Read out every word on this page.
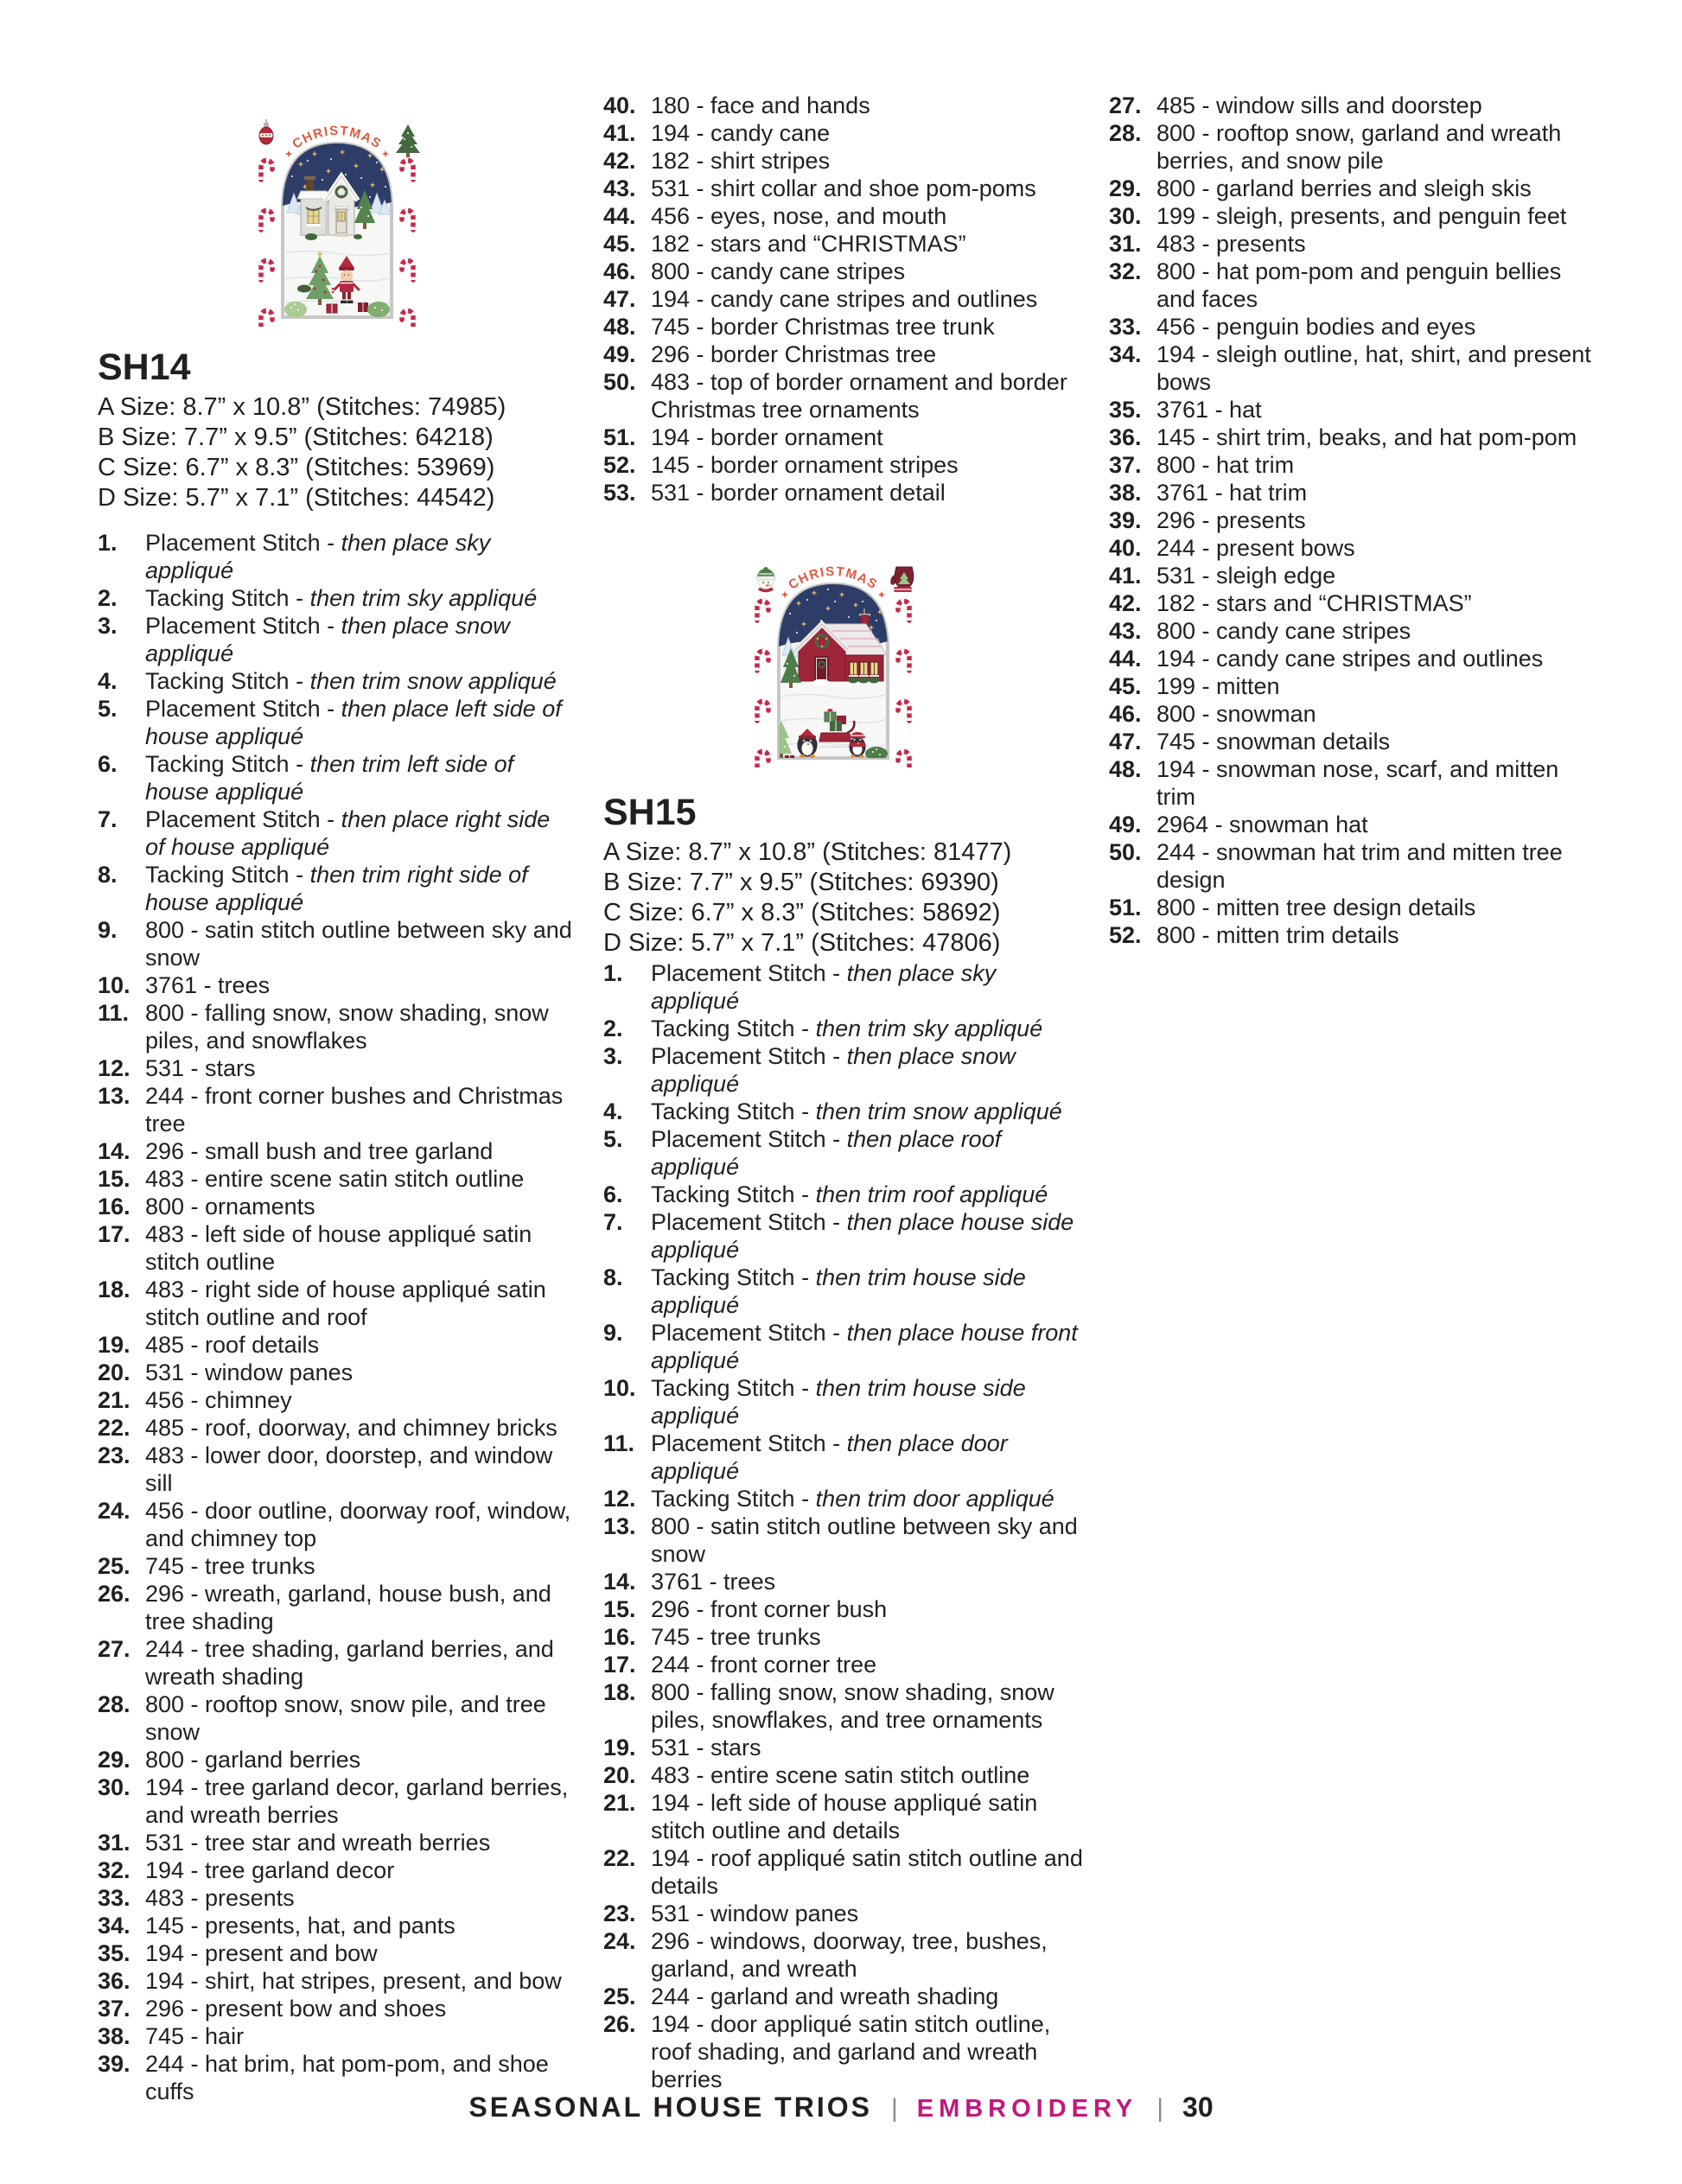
CHRISTMAS
SH14
A Size: 8.7” x 10.8” (Stitches: 74985)
B Size: 7.7” x 9.5” (Stitches: 64218)
C Size: 6.7” x 8.3” (Stitches: 53969)
D Size: 5.7” x 7.1” (Stitches: 44542)
1. Placement Stitch - then place sky appliqué
2. Tacking Stitch - then trim sky appliqué
3. Placement Stitch - then place snow appliqué
4. Tacking Stitch - then trim snow appliqué
5. Placement Stitch - then place left side of house appliqué
6. Tacking Stitch - then trim left side of house appliqué
7. Placement Stitch - then place right side of house appliqué
8. Tacking Stitch - then trim right side of house appliqué
9. 800 - satin stitch outline between sky and snow
10. 3761 - trees
11. 800 - falling snow, snow shading, snow piles, and snowflakes
12. 531 - stars
13. 244 - front corner bushes and Christmas tree
14. 296 - small bush and tree garland
15. 483 - entire scene satin stitch outline
16. 800 - ornaments
17. 483 - left side of house appliqué satin stitch outline
18. 483 - right side of house appliqué satin stitch outline and roof
19. 485 - roof details
20. 531 - window panes
21. 456 - chimney
22. 485 - roof, doorway, and chimney bricks
23. 483 - lower door, doorstep, and window sill
24. 456 - door outline, doorway roof, window, and chimney top
25. 745 - tree trunks
26. 296 - wreath, garland, house bush, and tree shading
27. 244 - tree shading, garland berries, and wreath shading
28. 800 - rooftop snow, snow pile, and tree snow
29. 800 - garland berries
30. 194 - tree garland decor, garland berries, and wreath berries
31. 531 - tree star and wreath berries
32. 194 - tree garland decor
33. 483 - presents
34. 145 - presents, hat, and pants
35. 194 - present and bow
36. 194 - shirt, hat stripes, present, and bow
37. 296 - present bow and shoes
38. 745 - hair
39. 244 - hat brim, hat pom-pom, and shoe cuffs
40. 180 - face and hands
41. 194 - candy cane
42. 182 - shirt stripes
43. 531 - shirt collar and shoe pom-poms
44. 456 - eyes, nose, and mouth
45. 182 - stars and “CHRISTMAS”
46. 800 - candy cane stripes
47. 194 - candy cane stripes and outlines
48. 745 - border Christmas tree trunk
49. 296 - border Christmas tree
50. 483 - top of border ornament and border Christmas tree ornaments
51. 194 - border ornament
52. 145 - border ornament stripes
53. 531 - border ornament detail
CHRISTMAS
SH15
A Size: 8.7” x 10.8” (Stitches: 81477)
B Size: 7.7” x 9.5” (Stitches: 69390)
C Size: 6.7” x 8.3” (Stitches: 58692)
D Size: 5.7” x 7.1” (Stitches: 47806)
1. Placement Stitch - then place sky appliqué
2. Tacking Stitch - then trim sky appliqué
3. Placement Stitch - then place snow appliqué
4. Tacking Stitch - then trim snow appliqué
5. Placement Stitch - then place roof appliqué
6. Tacking Stitch - then trim roof appliqué
7. Placement Stitch - then place house side appliqué
8. Tacking Stitch - then trim house side appliqué
9. Placement Stitch - then place house front appliqué
10. Tacking Stitch - then trim house side appliqué
11. Placement Stitch - then place door appliqué
12. Tacking Stitch - then trim door appliqué
13. 800 - satin stitch outline between sky and snow
14. 3761 - trees
15. 296 - front corner bush
16. 745 - tree trunks
17. 244 - front corner tree
18. 800 - falling snow, snow shading, snow piles, snowflakes, and tree ornaments
19. 531 - stars
20. 483 - entire scene satin stitch outline
21. 194 - left side of house appliqué satin stitch outline and details
22. 194 - roof appliqué satin stitch outline and details
23. 531 - window panes
24. 296 - windows, doorway, tree, bushes, garland, and wreath
25. 244 - garland and wreath shading
26. 194 - door appliqué satin stitch outline, roof shading, and garland and wreath berries
27. 485 - window sills and doorstep
28. 800 - rooftop snow, garland and wreath berries, and snow pile
29. 800 - garland berries and sleigh skis
30. 199 - sleigh, presents, and penguin feet
31. 483 - presents
32. 800 - hat pom-pom and penguin bellies and faces
33. 456 - penguin bodies and eyes
34. 194 - sleigh outline, hat, shirt, and present bows
35. 3761 - hat
36. 145 - shirt trim, beaks, and hat pom-pom
37. 800 - hat trim
38. 3761 - hat trim
39. 296 - presents
40. 244 - present bows
41. 531 - sleigh edge
42. 182 - stars and “CHRISTMAS”
43. 800 - candy cane stripes
44. 194 - candy cane stripes and outlines
45. 199 - mitten
46. 800 - snowman
47. 745 - snowman details
48. 194 - snowman nose, scarf, and mitten trim
49. 2964 - snowman hat
50. 244 - snowman hat trim and mitten tree design
51. 800 - mitten tree design details
52. 800 - mitten trim details
SEASONAL HOUSE TRIOS | EMBROIDERY | 30
